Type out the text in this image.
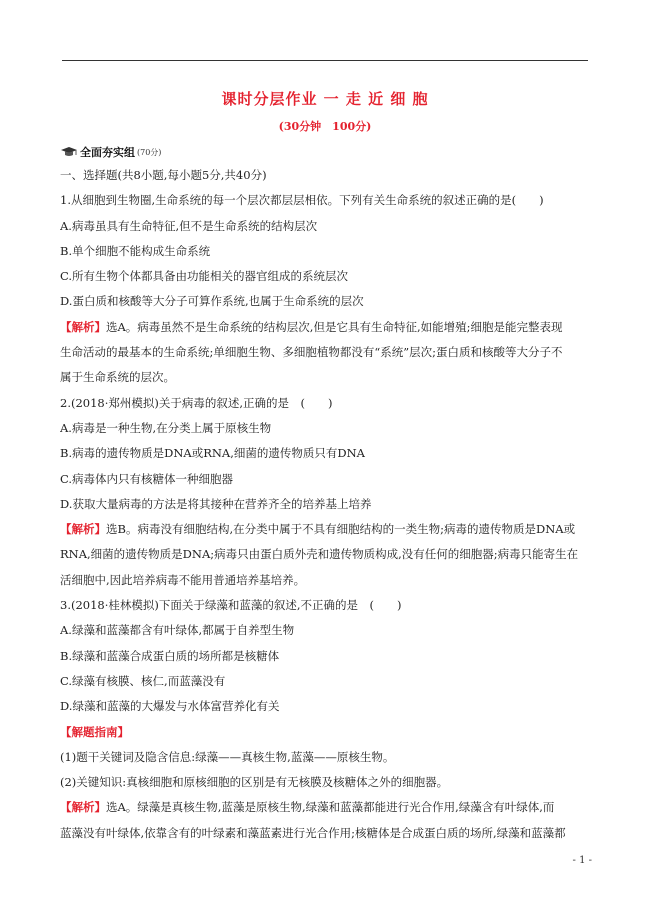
课时分层作业 一 走 近 细 胞
(30分钟　100分)
全面夯实组 (70分)
一、选择题(共8小题,每小题5分,共40分)
1.从细胞到生物圈,生命系统的每一个层次都层层相依。下列有关生命系统的叙述正确的是(　　)
A.病毒虽具有生命特征,但不是生命系统的结构层次
B.单个细胞不能构成生命系统
C.所有生物个体都具备由功能相关的器官组成的系统层次
D.蛋白质和核酸等大分子可算作系统,也属于生命系统的层次
【解析】选A。病毒虽然不是生命系统的结构层次,但是它具有生命特征,如能增殖;细胞是能完整表现
生命活动的最基本的生命系统;单细胞生物、多细胞植物都没有“系统”层次;蛋白质和核酸等大分子不
属于生命系统的层次。
2.(2018·郑州模拟)关于病毒的叙述,正确的是　(　　)
A.病毒是一种生物,在分类上属于原核生物
B.病毒的遗传物质是DNA或RNA,细菌的遗传物质只有DNA
C.病毒体内只有核糖体一种细胞器
D.获取大量病毒的方法是将其接种在营养齐全的培养基上培养
【解析】选B。病毒没有细胞结构,在分类中属于不具有细胞结构的一类生物;病毒的遗传物质是DNA或
RNA,细菌的遗传物质是DNA;病毒只由蛋白质外壳和遗传物质构成,没有任何的细胞器;病毒只能寄生在
活细胞中,因此培养病毒不能用普通培养基培养。
3.(2018·桂林模拟)下面关于绿藻和蓝藻的叙述,不正确的是　(　　)
A.绿藻和蓝藻都含有叶绿体,都属于自养型生物
B.绿藻和蓝藻合成蛋白质的场所都是核糖体
C.绿藻有核膜、核仁,而蓝藻没有
D.绿藻和蓝藻的大爆发与水体富营养化有关
【解题指南】
(1)题干关键词及隐含信息:绿藻——真核生物,蓝藻——原核生物。
(2)关键知识:真核细胞和原核细胞的区别是有无核膜及核糖体之外的细胞器。
【解析】选A。绿藻是真核生物,蓝藻是原核生物,绿藻和蓝藻都能进行光合作用,绿藻含有叶绿体,而
蓝藻没有叶绿体,依靠含有的叶绿素和藻蓝素进行光合作用;核糖体是合成蛋白质的场所,绿藻和蓝藻都
- 1 -
